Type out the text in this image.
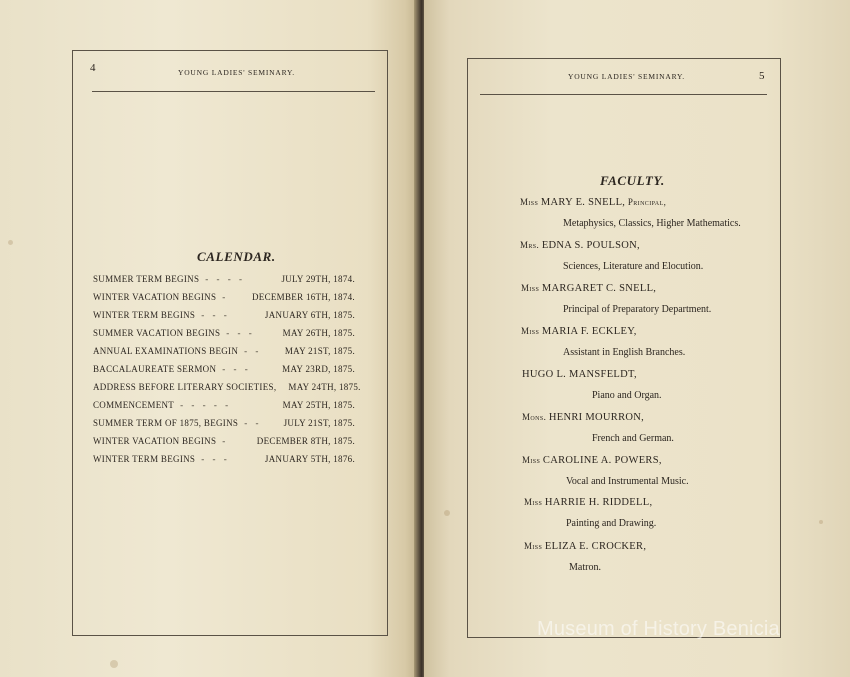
4	YOUNG LADIES' SEMINARY.
CALENDAR.
SUMMER TERM BEGINS - - - -	JULY 29TH, 1874.
WINTER VACATION BEGINS -	DECEMBER 16TH, 1874.
WINTER TERM BEGINS - - -	JANUARY 6TH, 1875.
SUMMER VACATION BEGINS - - -	MAY 26TH, 1875.
ANNUAL EXAMINATIONS BEGIN - -	MAY 21ST, 1875.
BACCALAUREATE SERMON - - -	MAY 23RD, 1875.
ADDRESS BEFORE LITERARY SOCIETIES, MAY 24TH, 1875.
COMMENCEMENT - - - - -	MAY 25TH, 1875.
SUMMER TERM OF 1875, BEGINS - -	JULY 21ST, 1875.
WINTER VACATION BEGINS -	DECEMBER 8TH, 1875.
WINTER TERM BEGINS - - -	JANUARY 5TH, 1876.
YOUNG LADIES' SEMINARY.	5
FACULTY.
Miss MARY E. SNELL, Principal,
Metaphysics, Classics, Higher Mathematics.
Mrs. EDNA S. POULSON,
Sciences, Literature and Elocution.
Miss MARGARET C. SNELL,
Principal of Preparatory Department.
Miss MARIA F. ECKLEY,
Assistant in English Branches.
HUGO L. MANSFELDT,
Piano and Organ.
Mons. HENRI MOURRON,
French and German.
Miss CAROLINE A. POWERS,
Vocal and Instrumental Music.
Miss HARRIE H. RIDDELL,
Painting and Drawing.
Miss ELIZA E. CROCKER,
Matron.
Museum of History Benicia
